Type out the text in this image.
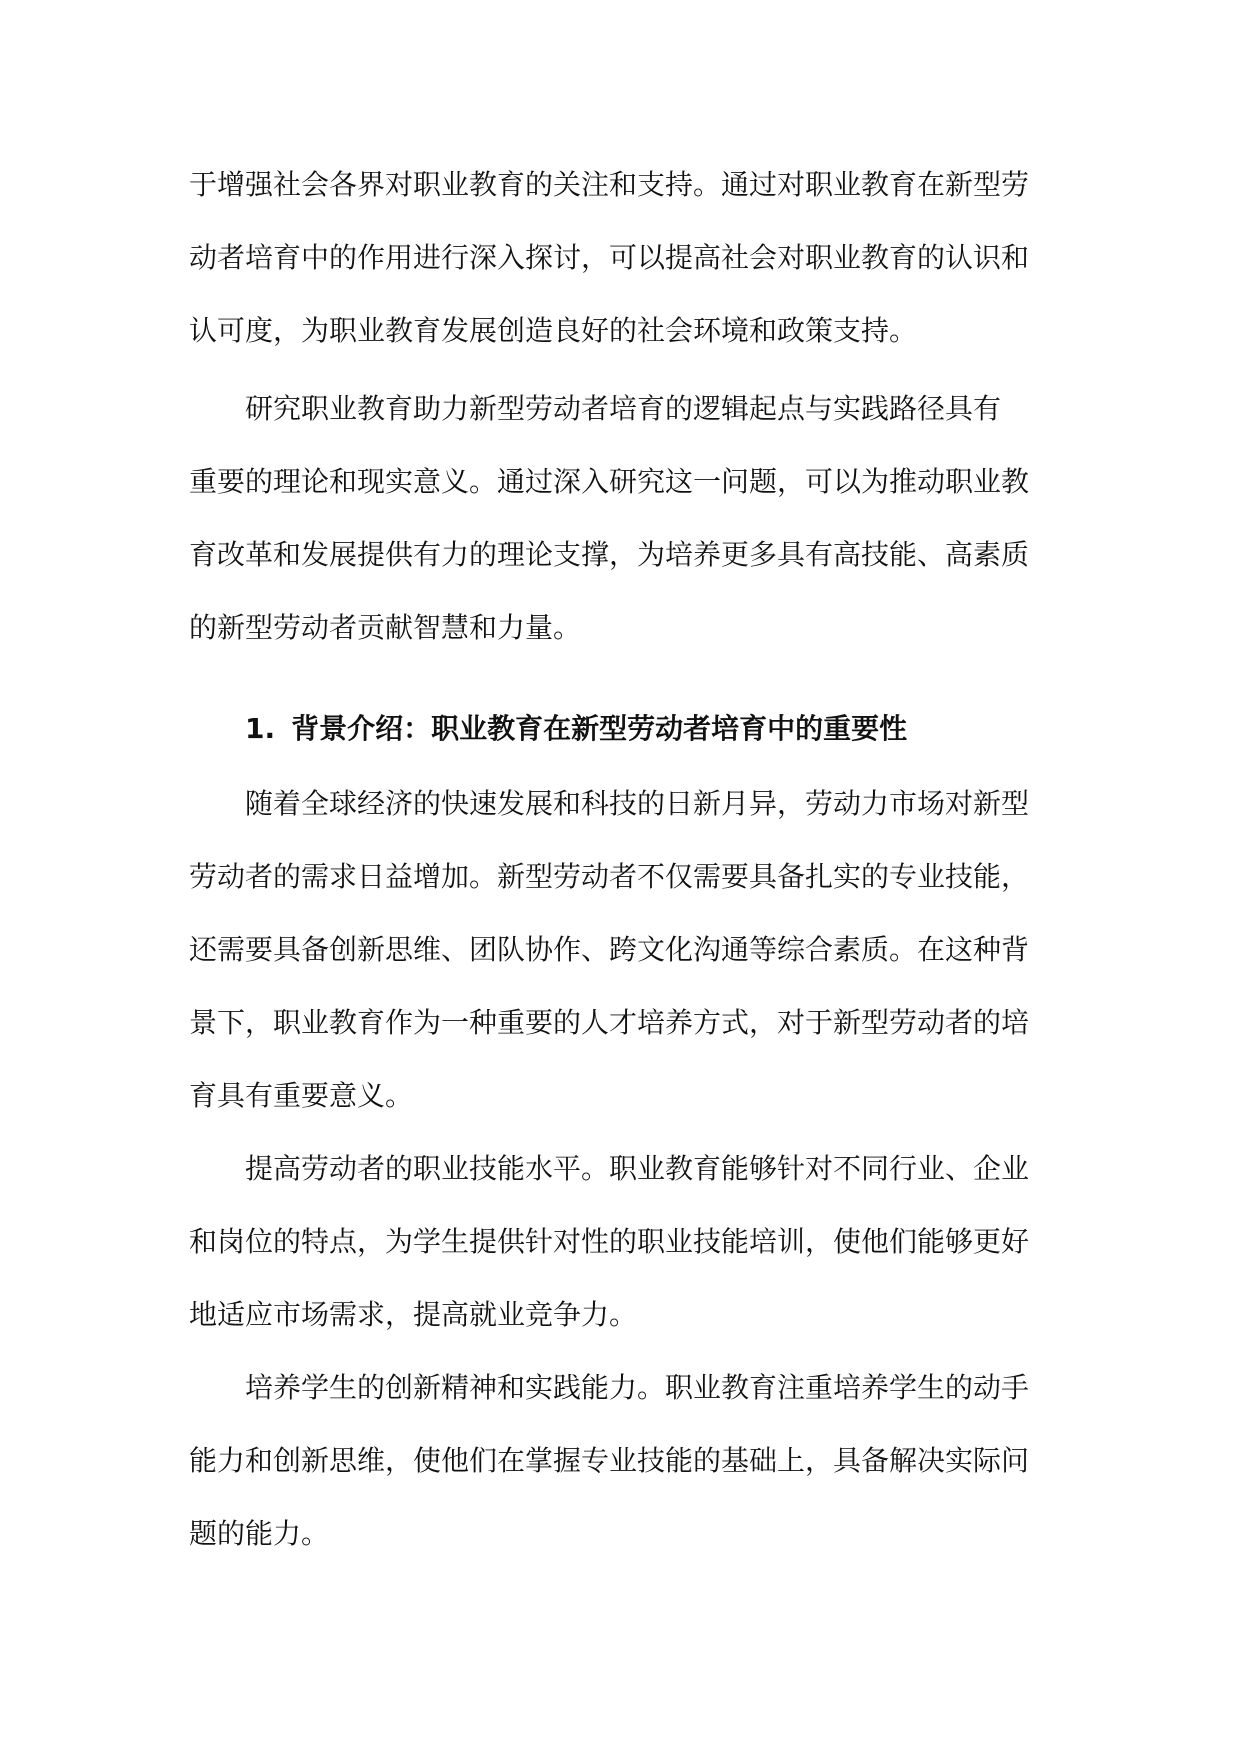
于增强社会各界对职业教育的关注和支持。通过对职业教育在新型劳
动者培育中的作用进行深入探讨，可以提高社会对职业教育的认识和
认可度，为职业教育发展创造良好的社会环境和政策支持。

研究职业教育助力新型劳动者培育的逻辑起点与实践路径具有
重要的理论和现实意义。通过深入研究这一问题，可以为推动职业教
育改革和发展提供有力的理论支撑，为培养更多具有高技能、高素质
的新型劳动者贡献智慧和力量。

1. 背景介绍：职业教育在新型劳动者培育中的重要性

随着全球经济的快速发展和科技的日新月异，劳动力市场对新型
劳动者的需求日益增加。新型劳动者不仅需要具备扎实的专业技能，
还需要具备创新思维、团队协作、跨文化沟通等综合素质。在这种背
景下，职业教育作为一种重要的人才培养方式，对于新型劳动者的培
育具有重要意义。

提高劳动者的职业技能水平。职业教育能够针对不同行业、企业
和岗位的特点，为学生提供针对性的职业技能培训，使他们能够更好
地适应市场需求，提高就业竞争力。

培养学生的创新精神和实践能力。职业教育注重培养学生的动手
能力和创新思维，使他们在掌握专业技能的基础上，具备解决实际问
题的能力。
